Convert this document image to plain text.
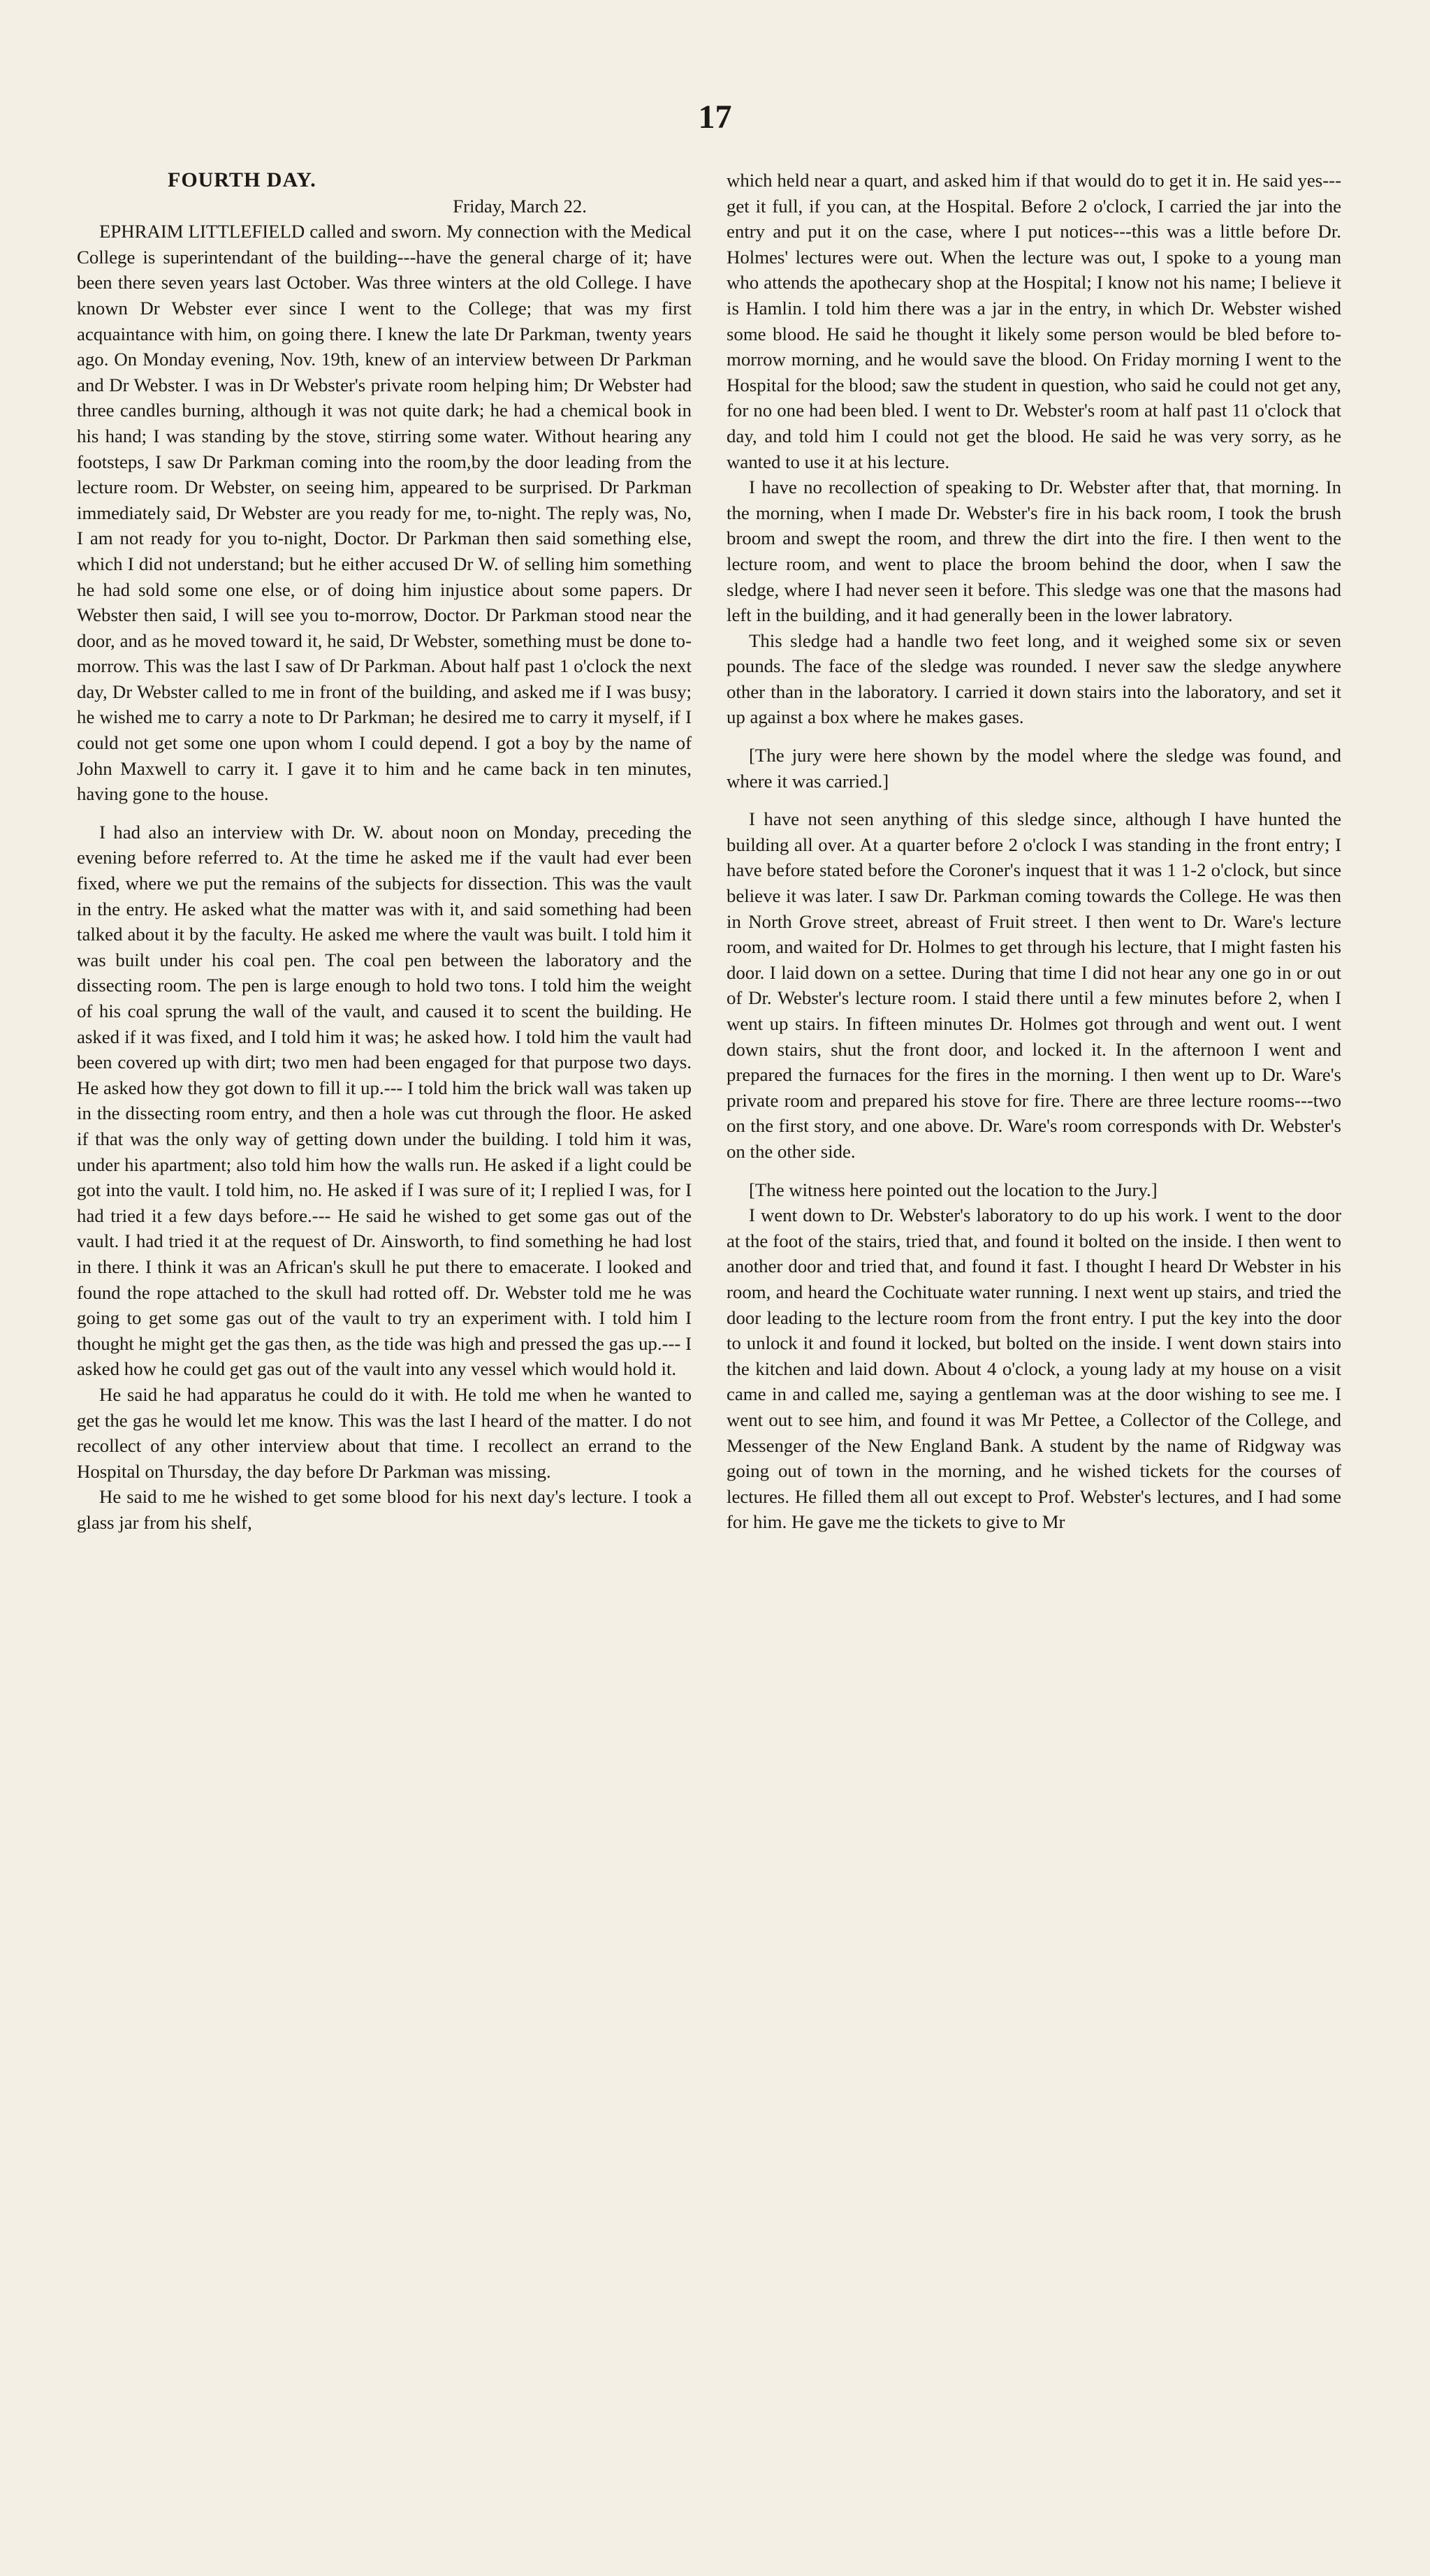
17

FOURTH DAY.

Friday, March 22.

EPHRAIM LITTLEFIELD called and sworn. My connection with the Medical College is superintendant of the building---have the general charge of it; have been there seven years last October. Was three winters at the old College. I have known Dr Webster ever since I went to the College; that was my first acquaintance with him, on going there. I knew the late Dr Parkman, twenty years ago. On Monday evening, Nov. 19th, knew of an interview between Dr Parkman and Dr Webster. I was in Dr Webster's private room helping him; Dr Webster had three candles burning, although it was not quite dark; he had a chemical book in his hand; I was standing by the stove, stirring some water. Without hearing any footsteps, I saw Dr Parkman coming into the room,by the door leading from the lecture room. Dr Webster, on seeing him, appeared to be surprised. Dr Parkman immediately said, Dr Webster are you ready for me, to-night. The reply was, No, I am not ready for you to-night, Doctor. Dr Parkman then said something else, which I did not understand; but he either accused Dr W. of selling him something he had sold some one else, or of doing him injustice about some papers. Dr Webster then said, I will see you to-morrow, Doctor. Dr Parkman stood near the door, and as he moved toward it, he said, Dr Webster, something must be done to-morrow. This was the last I saw of Dr Parkman. About half past 1 o'clock the next day, Dr Webster called to me in front of the building, and asked me if I was busy; he wished me to carry a note to Dr Parkman; he desired me to carry it myself, if I could not get some one upon whom I could depend. I got a boy by the name of John Maxwell to carry it. I gave it to him and he came back in ten minutes, having gone to the house.

I had also an interview with Dr. W. about noon on Monday, preceding the evening before referred to. At the time he asked me if the vault had ever been fixed, where we put the remains of the subjects for dissection. This was the vault in the entry. He asked what the matter was with it, and said something had been talked about it by the faculty. He asked me where the vault was built. I told him it was built under his coal pen. The coal pen between the laboratory and the dissecting room. The pen is large enough to hold two tons. I told him the weight of his coal sprung the wall of the vault, and caused it to scent the building. He asked if it was fixed, and I told him it was; he asked how. I told him the vault had been covered up with dirt; two men had been engaged for that purpose two days. He asked how they got down to fill it up.--- I told him the brick wall was taken up in the dissecting room entry, and then a hole was cut through the floor. He asked if that was the only way of getting down under the building. I told him it was, under his apartment; also told him how the walls run. He asked if a light could be got into the vault. I told him, no. He asked if I was sure of it; I replied I was, for I had tried it a few days before.--- He said he wished to get some gas out of the vault. I had tried it at the request of Dr. Ainsworth, to find something he had lost in there. I think it was an African's skull he put there to emacerate. I looked and found the rope attached to the skull had rotted off. Dr. Webster told me he was going to get some gas out of the vault to try an experiment with. I told him I thought he might get the gas then, as the tide was high and pressed the gas up.--- I asked how he could get gas out of the vault into any vessel which would hold it.

He said he had apparatus he could do it with. He told me when he wanted to get the gas he would let me know. This was the last I heard of the matter. I do not recollect of any other interview about that time. I recollect an errand to the Hospital on Thursday, the day before Dr Parkman was missing.

He said to me he wished to get some blood for his next day's lecture. I took a glass jar from his shelf,

which held near a quart, and asked him if that would do to get it in. He said yes---get it full, if you can, at the Hospital. Before 2 o'clock, I carried the jar into the entry and put it on the case, where I put notices---this was a little before Dr. Holmes' lectures were out. When the lecture was out, I spoke to a young man who attends the apothecary shop at the Hospital; I know not his name; I believe it is Hamlin. I told him there was a jar in the entry, in which Dr. Webster wished some blood. He said he thought it likely some person would be bled before to-morrow morning, and he would save the blood. On Friday morning I went to the Hospital for the blood; saw the student in question, who said he could not get any, for no one had been bled. I went to Dr. Webster's room at half past 11 o'clock that day, and told him I could not get the blood. He said he was very sorry, as he wanted to use it at his lecture.

I have no recollection of speaking to Dr. Webster after that, that morning. In the morning, when I made Dr. Webster's fire in his back room, I took the brush broom and swept the room, and threw the dirt into the fire. I then went to the lecture room, and went to place the broom behind the door, when I saw the sledge, where I had never seen it before. This sledge was one that the masons had left in the building, and it had generally been in the lower labratory.

This sledge had a handle two feet long, and it weighed some six or seven pounds. The face of the sledge was rounded. I never saw the sledge anywhere other than in the laboratory. I carried it down stairs into the laboratory, and set it up against a box where he makes gases.

[The jury were here shown by the model where the sledge was found, and where it was carried.]

I have not seen anything of this sledge since, although I have hunted the building all over. At a quarter before 2 o'clock I was standing in the front entry; I have before stated before the Coroner's inquest that it was 1 1-2 o'clock, but since believe it was later. I saw Dr. Parkman coming towards the College. He was then in North Grove street, abreast of Fruit street. I then went to Dr. Ware's lecture room, and waited for Dr. Holmes to get through his lecture, that I might fasten his door. I laid down on a settee. During that time I did not hear any one go in or out of Dr. Webster's lecture room. I staid there until a few minutes before 2, when I went up stairs. In fifteen minutes Dr. Holmes got through and went out. I went down stairs, shut the front door, and locked it. In the afternoon I went and prepared the furnaces for the fires in the morning. I then went up to Dr. Ware's private room and prepared his stove for fire. There are three lecture rooms---two on the first story, and one above. Dr. Ware's room corresponds with Dr. Webster's on the other side.

[The witness here pointed out the location to the Jury.]

I went down to Dr. Webster's laboratory to do up his work. I went to the door at the foot of the stairs, tried that, and found it bolted on the inside. I then went to another door and tried that, and found it fast. I thought I heard Dr Webster in his room, and heard the Cochituate water running. I next went up stairs, and tried the door leading to the lecture room from the front entry. I put the key into the door to unlock it and found it locked, but bolted on the inside. I went down stairs into the kitchen and laid down. About 4 o'clock, a young lady at my house on a visit came in and called me, saying a gentleman was at the door wishing to see me. I went out to see him, and found it was Mr Pettee, a Collector of the College, and Messenger of the New England Bank. A student by the name of Ridgway was going out of town in the morning, and he wished tickets for the courses of lectures. He filled them all out except to Prof. Webster's lectures, and I had some for him. He gave me the tickets to give to Mr
